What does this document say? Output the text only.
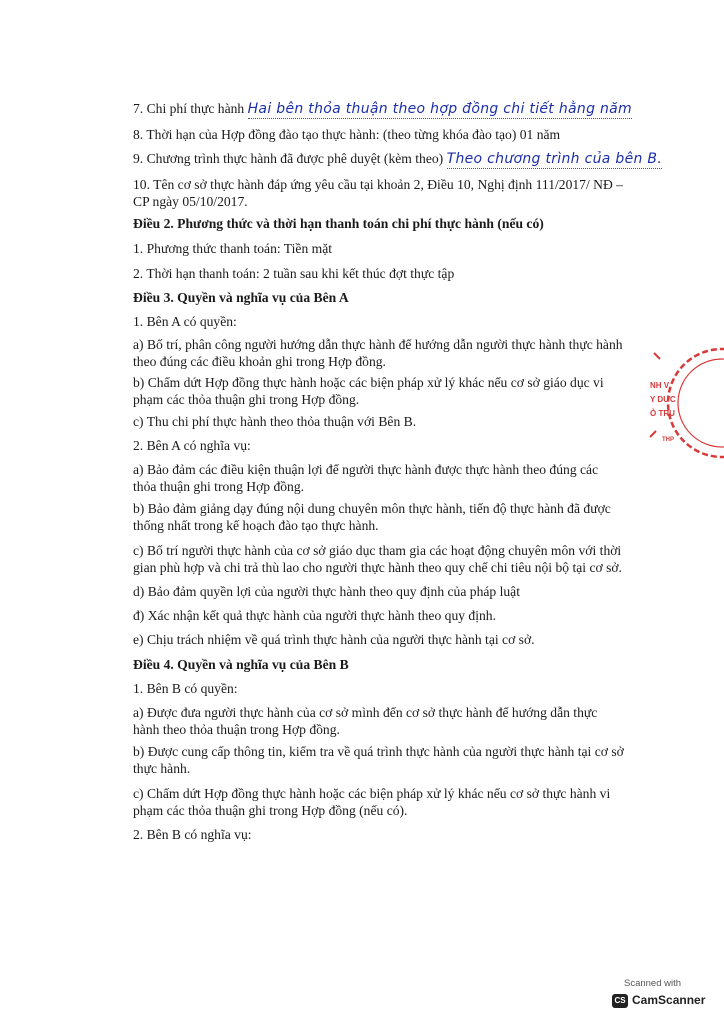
7. Chi phí thực hành Hai bên thỏa thuận theo hợp đồng chi tiết hằng năm

8. Thời hạn của Hợp đồng đào tạo thực hành: (theo từng khóa đào tạo) 01 năm

9. Chương trình thực hành đã được phê duyệt (kèm theo) Theo chương trình của bên B.

10. Tên cơ sở thực hành đáp ứng yêu cầu tại khoản 2, Điều 10, Nghị định 111/2017/ NĐ –

CP ngày 05/10/2017.

Điều 2. Phương thức và thời hạn thanh toán chi phí thực hành (nếu có)

1. Phương thức thanh toán: Tiền mặt

2. Thời hạn thanh toán: 2 tuần sau khi kết thúc đợt thực tập

Điều 3. Quyền và nghĩa vụ của Bên A

1. Bên A có quyền:

a) Bố trí, phân công người hướng dẫn thực hành để hướng dẫn người thực hành thực hành

theo đúng các điều khoản ghi trong Hợp đồng.

b) Chấm dứt Hợp đồng thực hành hoặc các biện pháp xử lý khác nếu cơ sở giáo dục vi

phạm các thỏa thuận ghi trong Hợp đồng.

c) Thu chi phí thực hành theo thỏa thuận với Bên B.

2. Bên A có nghĩa vụ:

a) Bảo đảm các điều kiện thuận lợi để người thực hành được thực hành theo đúng các

thỏa thuận ghi trong Hợp đồng.

b) Bảo đảm giảng dạy đúng nội dung chuyên môn thực hành, tiến độ thực hành đã được

thống nhất trong kế hoạch đào tạo thực hành.

c) Bố trí người thực hành của cơ sở giáo dục tham gia các hoạt động chuyên môn với thời

gian phù hợp và chi trả thù lao cho người thực hành theo quy chế chi tiêu nội bộ tại cơ sở.

d) Bảo đảm quyền lợi của người thực hành theo quy định của pháp luật

đ) Xác nhận kết quả thực hành của người thực hành theo quy định.

e) Chịu trách nhiệm về quá trình thực hành của người thực hành tại cơ sở.

Điều 4. Quyền và nghĩa vụ của Bên B

1. Bên B có quyền:

a) Được đưa người thực hành của cơ sở mình đến cơ sở thực hành để hướng dẫn thực

hành theo thỏa thuận trong Hợp đồng.

b) Được cung cấp thông tin, kiểm tra về quá trình thực hành của người thực hành tại cơ sở

thực hành.

c) Chấm dứt Hợp đồng thực hành hoặc các biện pháp xử lý khác nếu cơ sở thực hành vi

phạm các thỏa thuận ghi trong Hợp đồng (nếu có).

2. Bên B có nghĩa vụ:

NH V
Y DƯC
Ỏ TRU
THP
Scanned with
CS CamScanner
